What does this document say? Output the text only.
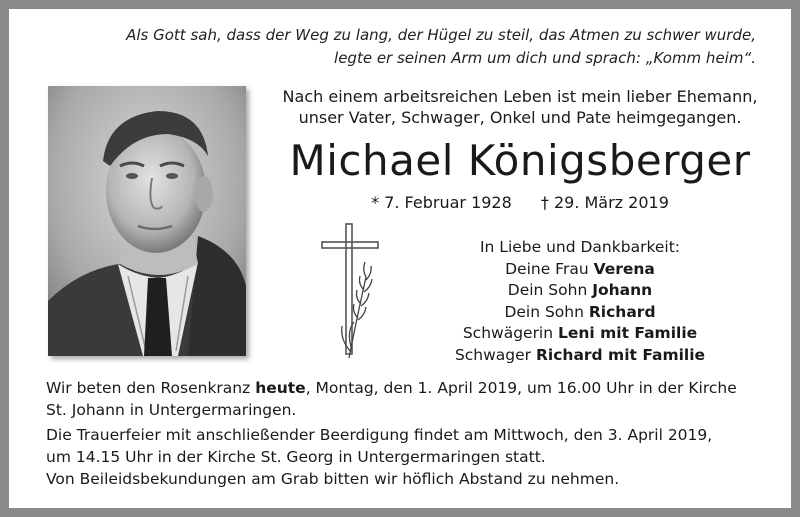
Als Gott sah, dass der Weg zu lang, der Hügel zu steil, das Atmen zu schwer wurde,
legte er seinen Arm um dich und sprach: „Komm heim“.
Nach einem arbeitsreichen Leben ist mein lieber Ehemann,
unser Vater, Schwager, Onkel und Pate heimgegangen.
Michael Königsberger
* 7. Februar 1928 † 29. März 2019
In Liebe und Dankbarkeit:
Deine Frau Verena
Dein Sohn Johann
Dein Sohn Richard
Schwägerin Leni mit Familie
Schwager Richard mit Familie
Wir beten den Rosenkranz heute, Montag, den 1. April 2019, um 16.00 Uhr in der Kirche
St. Johann in Untergermaringen.
Die Trauerfeier mit anschließender Beerdigung findet am Mittwoch, den 3. April 2019,
um 14.15 Uhr in der Kirche St. Georg in Untergermaringen statt.
Von Beileidsbekundungen am Grab bitten wir höflich Abstand zu nehmen.
